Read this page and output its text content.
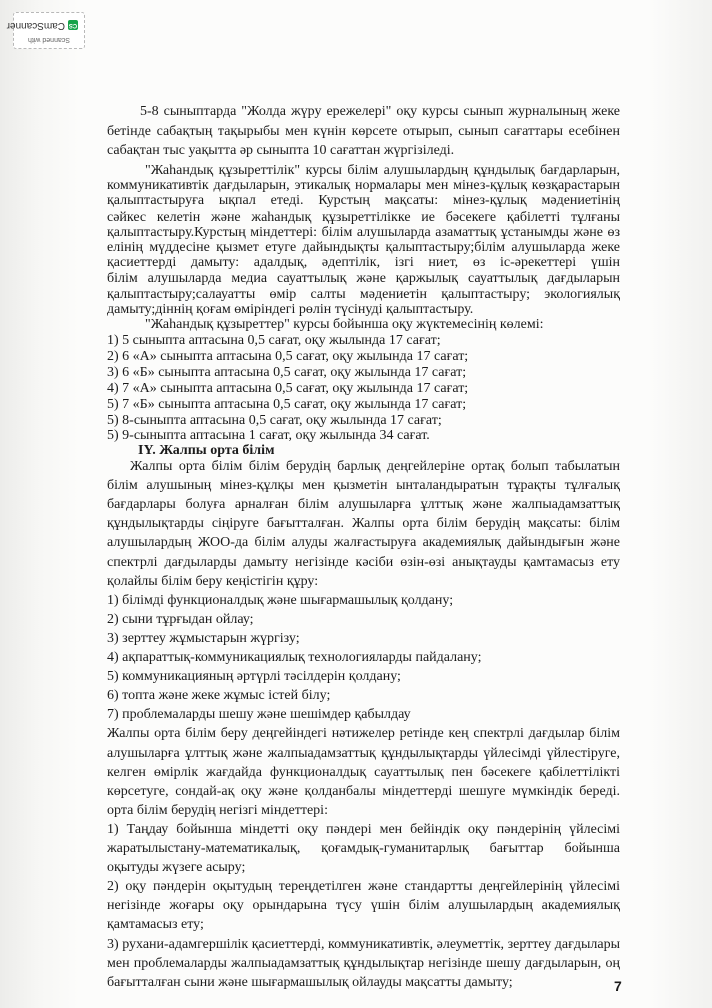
Scanned with
CS
CamScanner
5-8 сыныптарда "Жолда жүру ережелері" оқу курсы сынып журналының жеке
бетінде сабақтың тақырыбы мен күнін көрсете отырып, сынып сағаттары есебінен
сабақтан тыс уақытта әр сыныпта 10 сағаттан жүргізіледі.
"Жаһандық құзыреттілік" курсы білім алушылардың құндылық бағдарларын,
коммуникативтік дағдыларын, этикалық нормалары мен мінез-құлық көзқарастарын
қалыптастыруға ықпал етеді. Курстың мақсаты: мінез-құлық мәдениетінің
сәйкес келетін және жаһандық құзыреттілікке ие бәсекеге қабілетті тұлғаны
қалыптастыру.Курстың міндеттері: білім алушыларда азаматтық ұстанымды және өз
елінің мүддесіне қызмет етуге дайындықты қалыптастыру;білім алушыларда жеке
қасиеттерді дамыту: адалдық, әдептілік, ізгі ниет, өз іс-әрекеттері үшін
білім алушыларда медиа сауаттылық және қаржылық сауаттылық дағдыларын
қалыптастыру;салауатты өмір салты мәдениетін қалыптастыру; экологиялық
дамыту;діннің қоғам өміріндегі рөлін түсінуді қалыптастыру.
"Жаһандық құзыреттер" курсы бойынша оқу жүктемесінің көлемі:
1) 5 сыныпта аптасына 0,5 сағат, оқу жылында 17 сағат;
2) 6 «А» сыныпта аптасына 0,5 сағат, оқу жылында 17 сағат;
3) 6 «Б» сыныпта аптасына 0,5 сағат, оқу жылында 17 сағат;
4) 7 «А» сыныпта аптасына 0,5 сағат, оқу жылында 17 сағат;
5) 7 «Б» сыныпта аптасына 0,5 сағат, оқу жылында 17 сағат;
5) 8-сыныпта аптасына 0,5 сағат, оқу жылында 17 сағат;
5) 9-сыныпта аптасына 1 сағат, оқу жылында 34 сағат.
IY. Жалпы орта білім
Жалпы орта білім білім берудің барлық деңгейлеріне ортақ болып табылатын
білім алушының мінез-құлқы мен қызметін ынталандыратын тұрақты тұлғалық
бағдарлары болуға арналған білім алушыларға ұлттық және жалпыадамзаттық
құндылықтарды сіңіруге бағытталған. Жалпы орта білім берудің мақсаты: білім
алушылардың ЖОО-да білім алуды жалғастыруға академиялық дайындығын және
спектрлі дағдыларды дамыту негізінде кәсіби өзін-өзі анықтауды қамтамасыз ету
қолайлы білім беру кеңістігін құру:
1) білімді функционалдық және шығармашылық қолдану;
2) сыни тұрғыдан ойлау;
3) зерттеу жұмыстарын жүргізу;
4) ақпараттық-коммуникациялық технологияларды пайдалану;
5) коммуникацияның әртүрлі тәсілдерін қолдану;
6) топта және жеке жұмыс істей білу;
7) проблемаларды шешу және шешімдер қабылдау
Жалпы орта білім беру деңгейіндегі нәтижелер ретінде кең спектрлі дағдылар білім
алушыларға ұлттық және жалпыадамзаттық құндылықтарды үйлесімді үйлестіруге,
келген өмірлік жағдайда функционалдық сауаттылық пен бәсекеге қабілеттілікті
көрсетуге, сондай-ақ оқу және қолданбалы міндеттерді шешуге мүмкіндік береді.
орта білім берудің негізгі міндеттері:
1) Таңдау бойынша міндетті оқу пәндері мен бейіндік оқу пәндерінің үйлесімі
жаратылыстану-математикалық, қоғамдық-гуманитарлық бағыттар бойынша
оқытуды жүзеге асыру;
2) оқу пәндерін оқытудың тереңдетілген және стандартты деңгейлерінің үйлесімі
негізінде жоғары оқу орындарына түсу үшін білім алушылардың академиялық
қамтамасыз ету;
3) рухани-адамгершілік қасиеттерді, коммуникативтік, әлеуметтік, зерттеу дағдылары
мен проблемаларды жалпыадамзаттық құндылықтар негізінде шешу дағдыларын, оң
бағытталған сыни және шығармашылық ойлауды мақсатты дамыту;	7
